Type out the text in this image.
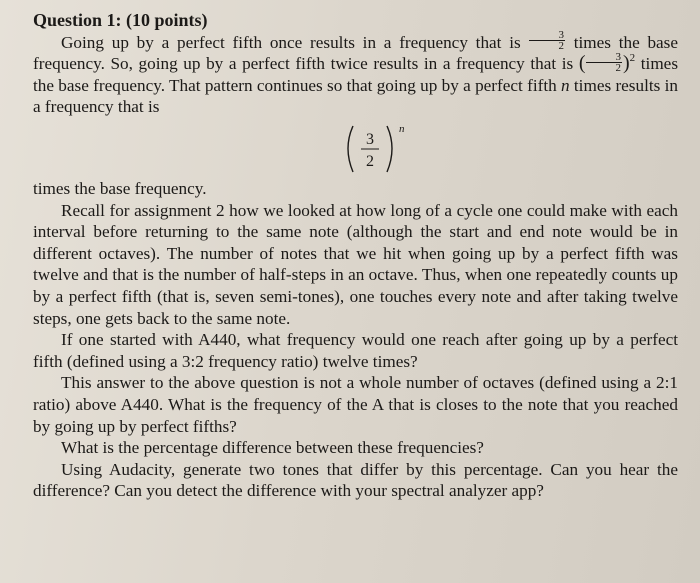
Question 1: (10 points)

Going up by a perfect fifth once results in a frequency that is $\frac{3}{2}$ times the base frequency. So, going up by a perfect fifth twice results in a frequency that is ( $\frac{3}{2} )^2$ times the base frequency. That pattern continues so that going up by a perfect fifth n times results in a frequency that is

3
2
n

times the base frequency.

Recall for assignment 2 how we looked at how long of a cycle one could make with each interval before returning to the same note (although the start and end note would be in different octaves). The number of notes that we hit when going up by a perfect fifth was twelve and that is the number of half-steps in an octave. Thus, when one repeatedly counts up by a perfect fifth (that is, seven semi-tones), one touches every note and after taking twelve steps, one gets back to the same note.

If one started with A440, what frequency would one reach after going up by a perfect fifth (defined using a 3:2 frequency ratio) twelve times?

This answer to the above question is not a whole number of octaves (defined using a 2:1 ratio) above A440. What is the frequency of the A that is closes to the note that you reached by going up by perfect fifths?

What is the percentage difference between these frequencies?

Using Audacity, generate two tones that differ by this percentage. Can you hear the difference? Can you detect the difference with your spectral analyzer app?
